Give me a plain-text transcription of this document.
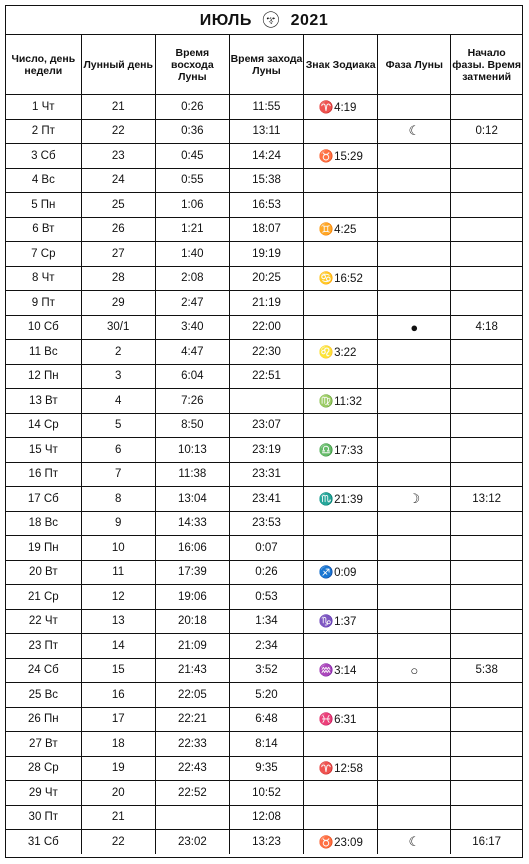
ИЮЛЬ 🌝︎ 2021
Число, день недели	Лунный день	Время восхода Луны	Время захода Луны	Знак Зодиака	Фаза Луны	Начало фазы. Время затмений
1 Чт	21	0:26	11:55	♈4:19		
2 Пт	22	0:36	13:11		☾	0:12
3 Сб	23	0:45	14:24	♉15:29		
4 Вс	24	0:55	15:38			
5 Пн	25	1:06	16:53			
6 Вт	26	1:21	18:07	♊4:25		
7 Ср	27	1:40	19:19			
8 Чт	28	2:08	20:25	♋16:52		
9 Пт	29	2:47	21:19			
10 Сб	30/1	3:40	22:00		●	4:18
11 Вс	2	4:47	22:30	♌3:22		
12 Пн	3	6:04	22:51			
13 Вт	4	7:26		♍11:32		
14 Ср	5	8:50	23:07			
15 Чт	6	10:13	23:19	♎17:33		
16 Пт	7	11:38	23:31			
17 Сб	8	13:04	23:41	♏21:39	☽	13:12
18 Вс	9	14:33	23:53			
19 Пн	10	16:06	0:07			
20 Вт	11	17:39	0:26	♐0:09		
21 Ср	12	19:06	0:53			
22 Чт	13	20:18	1:34	♑1:37		
23 Пт	14	21:09	2:34			
24 Сб	15	21:43	3:52	♒3:14	○	5:38
25 Вс	16	22:05	5:20			
26 Пн	17	22:21	6:48	♓6:31		
27 Вт	18	22:33	8:14			
28 Ср	19	22:43	9:35	♈12:58		
29 Чт	20	22:52	10:52			
30 Пт	21		12:08			
31 Сб	22	23:02	13:23	♉23:09	☾	16:17
